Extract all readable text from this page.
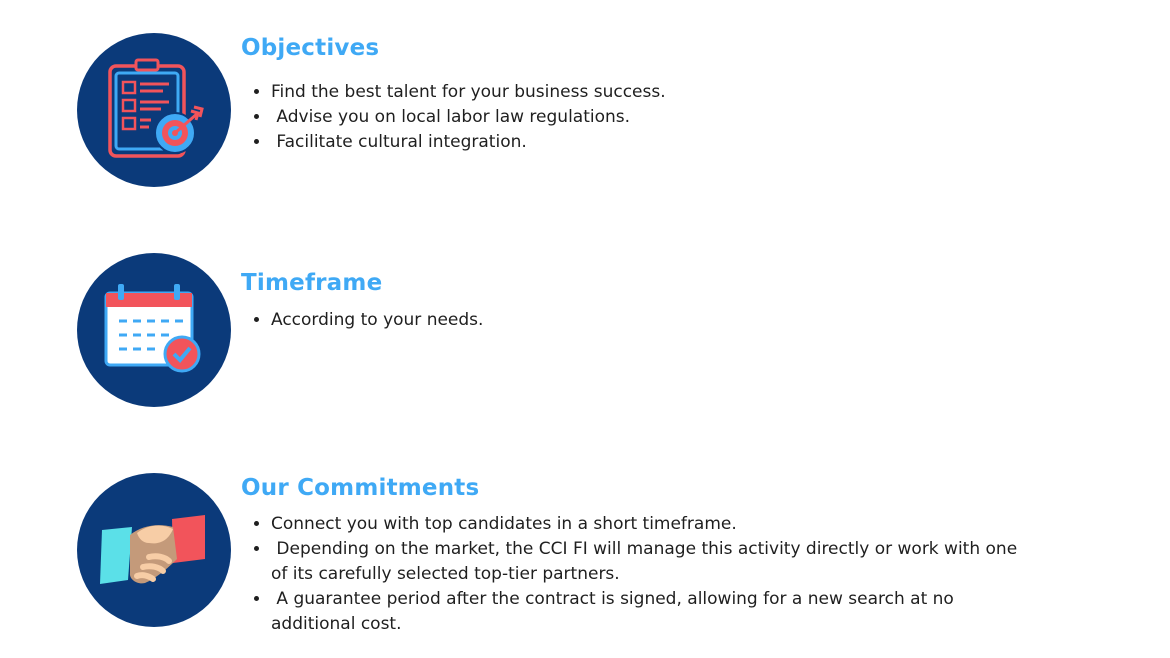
Objectives
• Find the best talent for your business success.
•  Advise you on local labor law regulations.
•  Facilitate cultural integration.
Timeframe
• According to your needs.
Our Commitments
• Connect you with top candidates in a short timeframe.
•  Depending on the market, the CCI FI will manage this activity directly or work with one of its carefully selected top-tier partners.
•  A guarantee period after the contract is signed, allowing for a new search at no additional cost.
